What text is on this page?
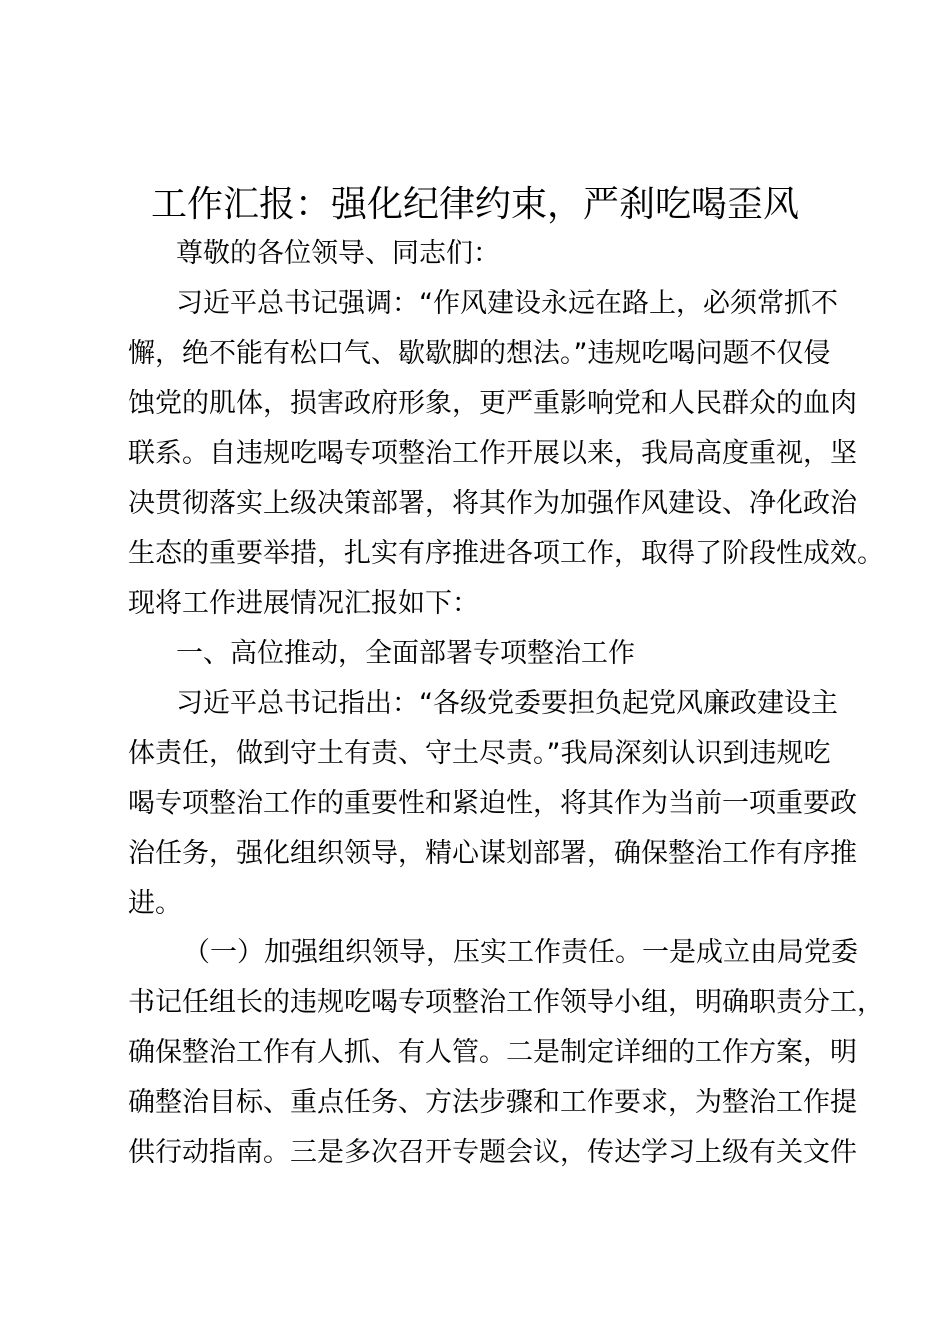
工作汇报：强化纪律约束，严刹吃喝歪风
尊敬的各位领导、同志们：
习近平总书记强调：“作风建设永远在路上，必须常抓不
懈，绝不能有松口气、歇歇脚的想法。”违规吃喝问题不仅侵
蚀党的肌体，损害政府形象，更严重影响党和人民群众的血肉
联系。自违规吃喝专项整治工作开展以来，我局高度重视，坚
决贯彻落实上级决策部署，将其作为加强作风建设、净化政治
生态的重要举措，扎实有序推进各项工作，取得了阶段性成效。
现将工作进展情况汇报如下：
一、高位推动，全面部署专项整治工作
习近平总书记指出：“各级党委要担负起党风廉政建设主
体责任，做到守土有责、守土尽责。”我局深刻认识到违规吃
喝专项整治工作的重要性和紧迫性，将其作为当前一项重要政
治任务，强化组织领导，精心谋划部署，确保整治工作有序推
进。
（一）加强组织领导，压实工作责任。一是成立由局党委
书记任组长的违规吃喝专项整治工作领导小组，明确职责分工，
确保整治工作有人抓、有人管。二是制定详细的工作方案，明
确整治目标、重点任务、方法步骤和工作要求，为整治工作提
供行动指南。三是多次召开专题会议，传达学习上级有关文件
